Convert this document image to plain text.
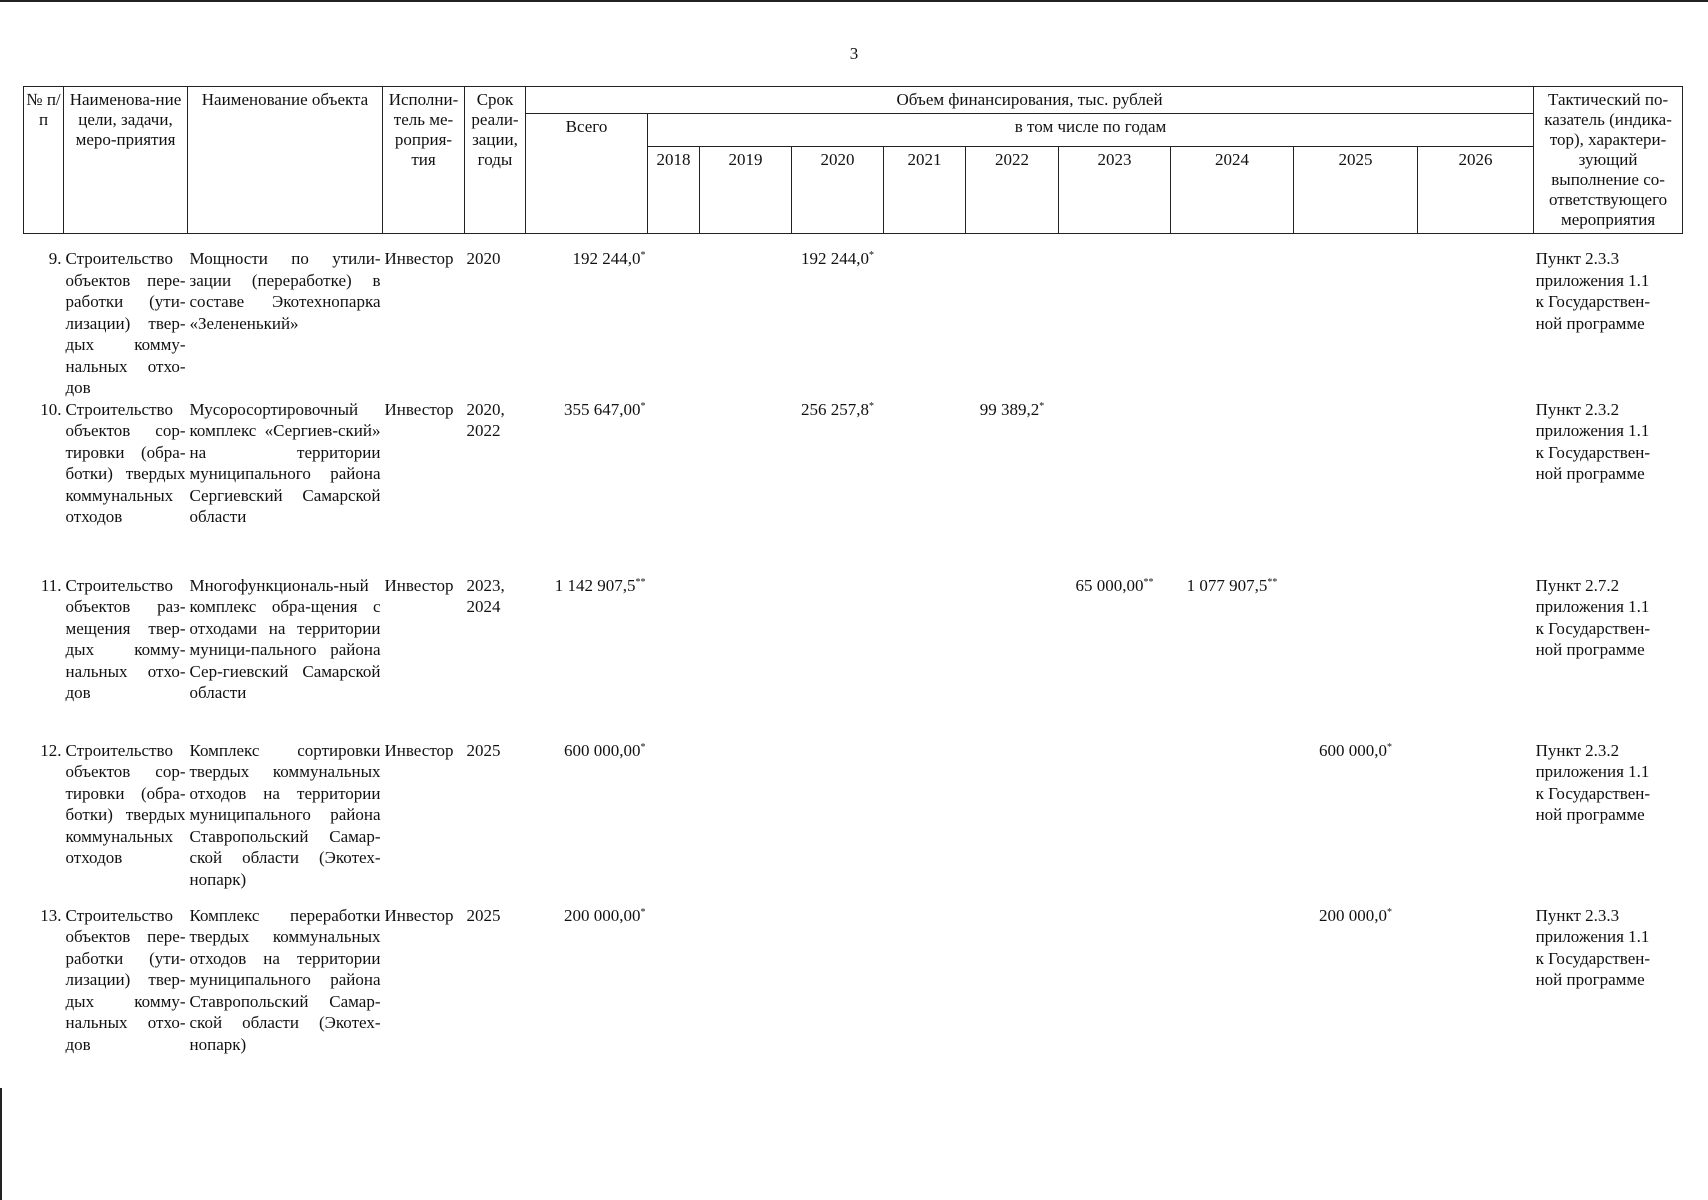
3
№ п/п	Наименова-ние цели, задачи, меро-приятия	Наименование объекта	Исполни-тель ме-роприя-тия	Срок реали-зации, годы	Объем финансирования, тыс. рублей										Тактический по-казатель (индика-тор), характери-зующий выполнение со-ответствующего мероприятия
					Всего	в том числе по годам									
						2018	2019	2020	2021	2022	2023	2024	2025	2026	
9.	Строительство объектов пере-работки (ути-лизации) твер-дых комму-нальных отхо-дов	Мощности по утили-зации (переработке) в составе Экотехнопарка «Зелененький»	Инвестор	2020	192 244,0*			192 244,0*							Пункт 2.3.3
приложения 1.1
к Государствен-
ной программе

10.	Строительство объектов сор-тировки (обра-ботки) твердых коммунальных отходов	Мусоросортировочный комплекс «Сергиев-ский» на территории муниципального района Сергиевский Самарской области	Инвестор	2020, 2022	355 647,00*			256 257,8*		99 389,2*					Пункт 2.3.2
приложения 1.1
к Государствен-
ной программе

11.	Строительство объектов раз-мещения твер-дых комму-нальных отхо-дов	Многофункциональ-ный комплекс обра-щения с отходами на территории муници-пального района Сер-гиевский Самарской области	Инвестор	2023, 2024	1 142 907,5**						65 000,00**	1 077 907,5**			Пункт 2.7.2
приложения 1.1
к Государствен-
ной программе

12.	Строительство объектов сор-тировки (обра-ботки) твердых коммунальных отходов	Комплекс сортировки твердых коммунальных отходов на территории муниципального района Ставропольский Самар-ской области (Экотех-нопарк)	Инвестор	2025	600 000,00*								600 000,0*		Пункт 2.3.2
приложения 1.1
к Государствен-
ной программе

13.	Строительство объектов пере-работки (ути-лизации) твер-дых комму-нальных отхо-дов	Комплекс переработки твердых коммунальных отходов на территории муниципального района Ставропольский Самар-ской области (Экотех-нопарк)	Инвестор	2025	200 000,00*								200 000,0*		Пункт 2.3.3
приложения 1.1
к Государствен-
ной программе
